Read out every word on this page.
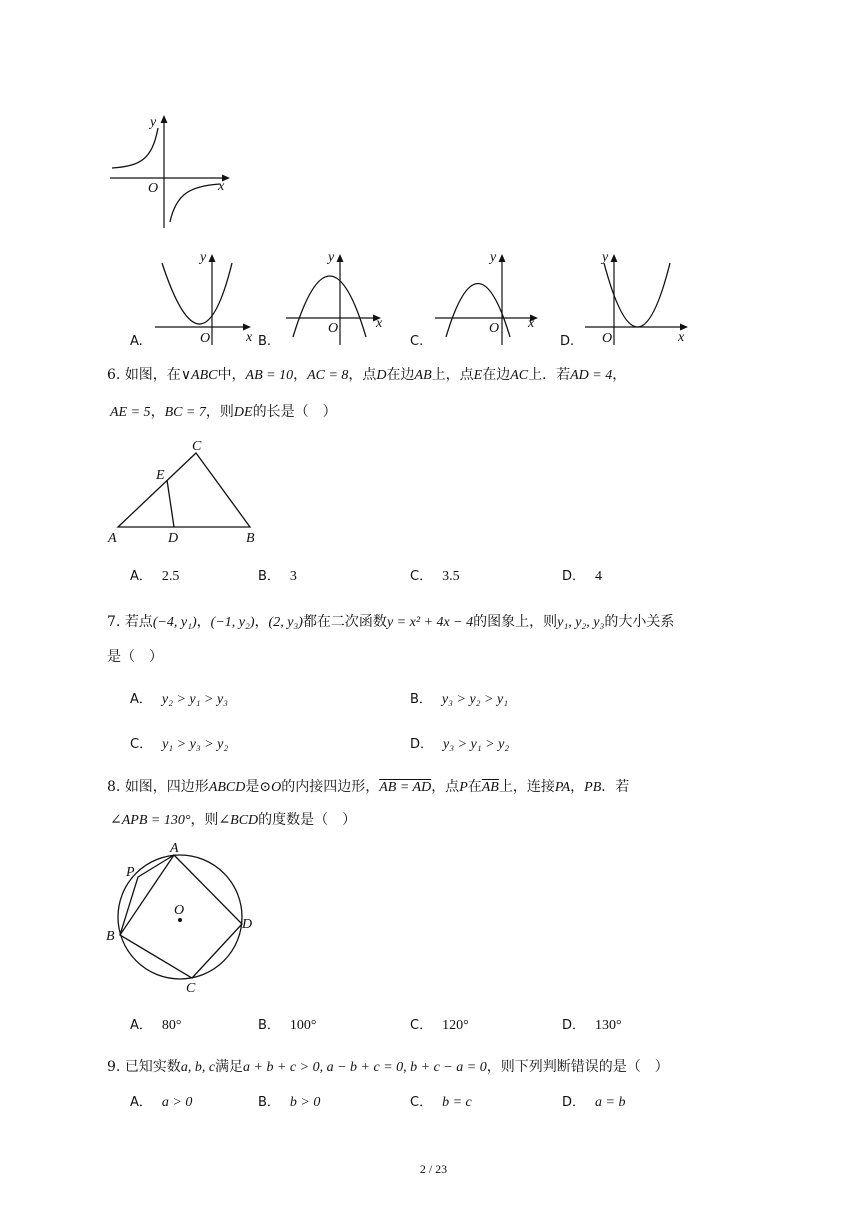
y
x
O
y
x
O
A.
y
x
O
B.
y
x
O
C.
y
x
O
D.
6. 如图，在∨ABC中，AB = 10，AC = 8，点D在边AB上，点E在边AC上．若AD = 4，
AE = 5，BC = 7，则DE的长是（　）
C
E
A	D	B
A． 2.5	B． 3	C． 3.5	D． 4
7. 若点(−4, y₁)，(−1, y₂)，(2, y₃)都在二次函数y = x² + 4x − 4的图象上，则y₁, y₂, y₃的大小关系
是（　）
A． y₂ > y₁ > y₃	B． y₃ > y₂ > y₁
C． y₁ > y₃ > y₂	D． y₃ > y₁ > y₂
8. 如图，四边形ABCD是⊙O的内接四边形，AB = AD，点P在$\overline{AB}$上，连接PA，PB．若
∠APB = 130°，则∠BCD的度数是（　）
A
P
O
B
D
C
A． 80°	B． 100°	C． 120°	D． 130°
9. 已知实数a, b, c满足a + b + c > 0, a − b + c = 0, b + c − a = 0，则下列判断错误的是（　）
A． a > 0	B． b > 0	C． b = c	D． a = b
2 / 23
